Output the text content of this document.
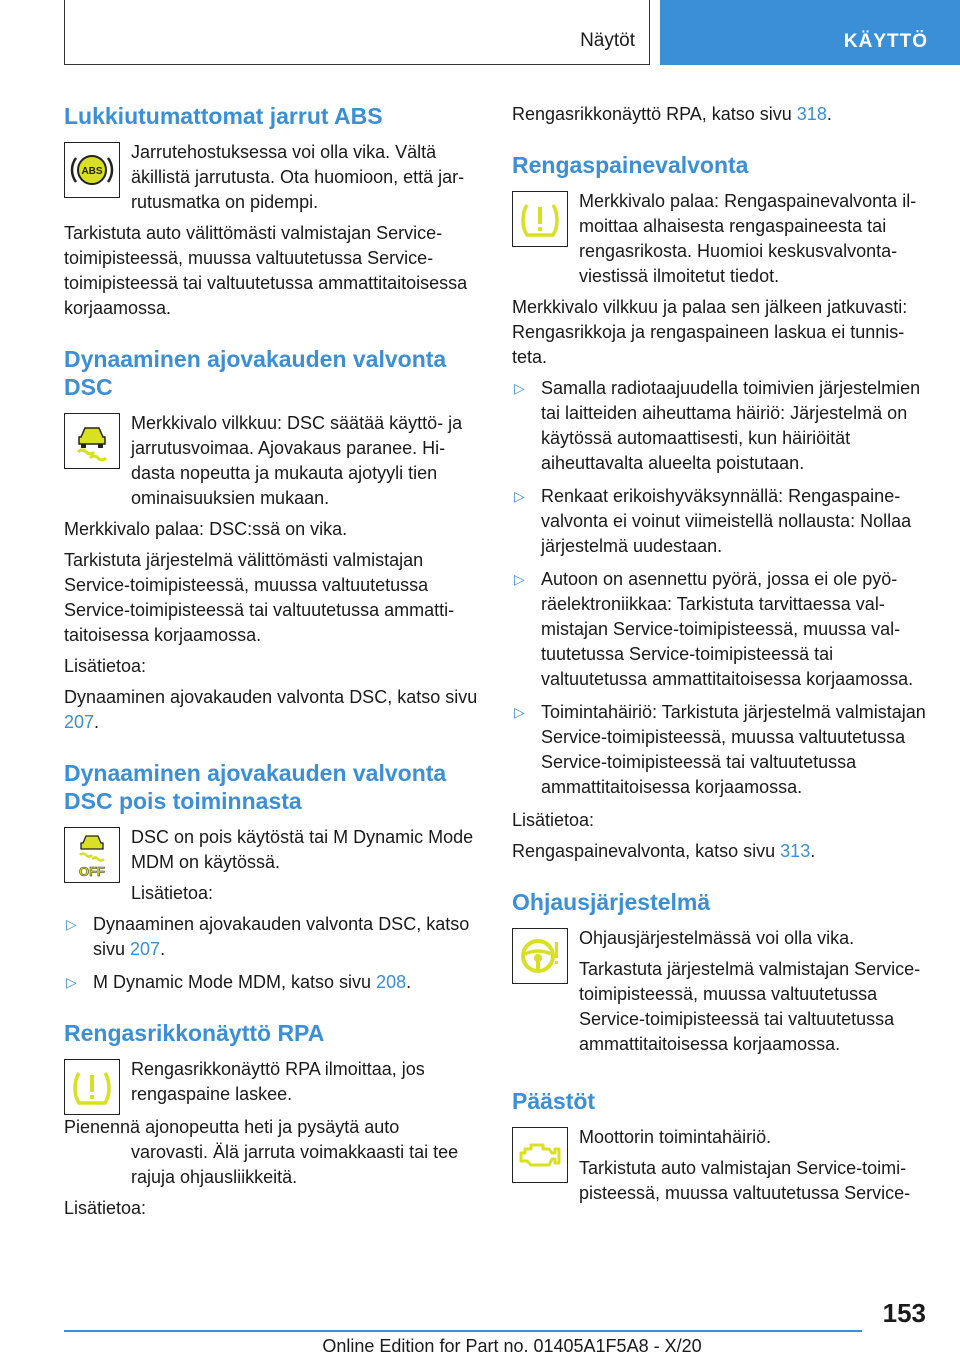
Näytöt	KÄYTTÖ
Lukkiutumattomat jarrut ABS
ABS

Jarrutehostuksessa voi olla vika. Vältä äkillistä jarrutusta. Ota huomioon, että jarrutusmatka on pidempi.

Tarkistuta auto välittömästi valmistajan Service-toimipisteessä, muussa valtuutetussa Service-toimipisteessä tai valtuutetussa ammattitaitoisessa korjaamossa.

Dynaaminen ajovakauden valvonta DSC

Merkkivalo vilkkuu: DSC säätää käyttö- ja jarrutusvoimaa. Ajovakaus paranee. Hidasta nopeutta ja mukauta ajotyyli tien ominaisuuksien mukaan.

Merkkivalo palaa: DSC:ssä on vika.

Tarkistuta järjestelmä välittömästi valmistajan Service-toimipisteessä, muussa valtuutetussa Service-toimipisteessä tai valtuutetussa ammattitaitoisessa korjaamossa.

Lisätietoa:

Dynaaminen ajovakauden valvonta DSC, katso sivu 207.

Dynaaminen ajovakauden valvonta DSC pois toiminnasta
OFF

DSC on pois käytöstä tai M Dynamic Mode MDM on käytössä.

Lisätietoa:

▷ Dynaaminen ajovakauden valvonta DSC, katso sivu 207.
▷ M Dynamic Mode MDM, katso sivu 208.
Rengasrikkonäyttö RPA

Rengasrikkonäyttö RPA ilmoittaa, jos rengaspaine laskee.

Pienennä ajonopeutta heti ja pysäytä auto varovasti. Älä jarruta voimakkaasti tai tee rajuja ohjausliikkeitä.

Lisätietoa:

Rengasrikkonäyttö RPA, katso sivu 318.

Rengaspainevalvonta

Merkkivalo palaa: Rengaspainevalvonta ilmoittaa alhaisesta rengaspaineesta tai rengasrikosta. Huomioi keskusvalvonta-viestissä ilmoitetut tiedot.

Merkkivalo vilkkuu ja palaa sen jälkeen jatkuvasti: Rengasrikkoja ja rengaspaineen laskua ei tunnisteta.

▷ Samalla radiotaajuudella toimivien järjestelmien tai laitteiden aiheuttama häiriö: Järjestelmä on käytössä automaattisesti, kun häiriöität aiheuttavalta alueelta poistutaan.
▷ Renkaat erikoishyväksynnällä: Rengaspainevalvonta ei voinut viimeistellä nollausta: Nollaa järjestelmä uudestaan.
▷ Autoon on asennettu pyörä, jossa ei ole pyöräelektroniikkaa: Tarkistuta tarvittaessa valmistajan Service-toimipisteessä, muussa valtuutetussa Service-toimipisteessä tai valtuutetussa ammattitaitoisessa korjaamossa.
▷ Toimintahäiriö: Tarkistuta järjestelmä valmistajan Service-toimipisteessä, muussa valtuutetussa Service-toimipisteessä tai valtuutetussa ammattitaitoisessa korjaamossa.

Lisätietoa:

Rengaspainevalvonta, katso sivu 313.

Ohjausjärjestelmä

Ohjausjärjestelmässä voi olla vika.

Tarkastuta järjestelmä valmistajan Service-toimipisteessä, muussa valtuutetussa Service-toimipisteessä tai valtuutetussa ammattitaitoisessa korjaamossa.

Päästöt

Moottorin toimintahäiriö.

Tarkistuta auto valmistajan Service-toimipisteessä, muussa valtuutetussa Service-

153
Online Edition for Part no. 01405A1F5A8 - X/20
